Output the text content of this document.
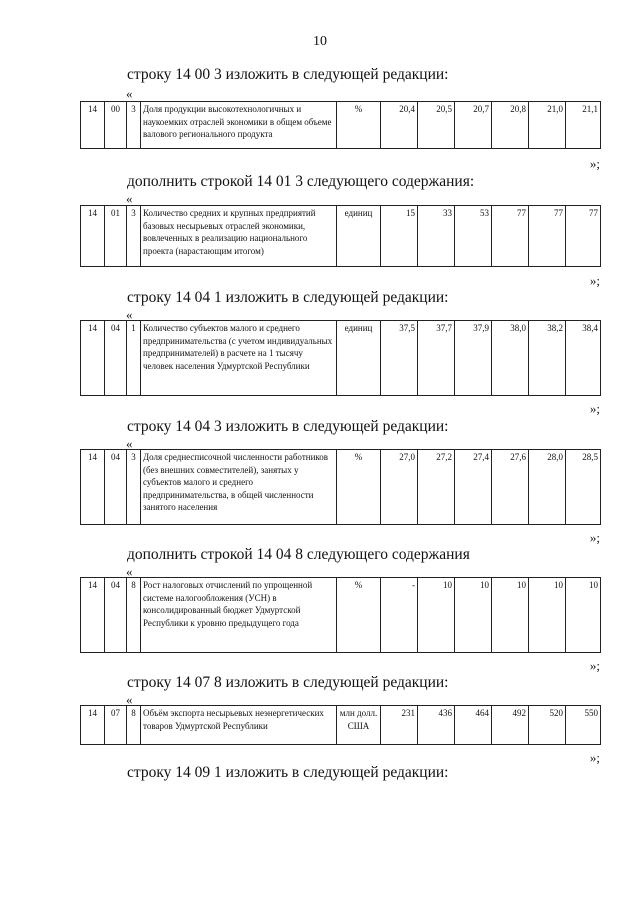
10
строку 14 00 3 изложить в следующей редакции:
«
14	00	3	Доля продукции высокотехнологичных и наукоемких отраслей экономики в общем объеме валового регионального продукта	%	20,4	20,5	20,7	20,8	21,0	21,1
»;
дополнить строкой 14 01 3 следующего содержания:
«
14	01	3	Количество средних и крупных предприятий базовых несырьевых отраслей экономики, вовлеченных в реализацию национального проекта (нарастающим итогом)	единиц	15	33	53	77	77	77
»;
строку 14 04 1 изложить в следующей редакции:
«
14	04	1	Количество субъектов малого и среднего предпринимательства (с учетом индивидуальных предпринимателей) в расчете на 1 тысячу человек населения Удмуртской Республики	единиц	37,5	37,7	37,9	38,0	38,2	38,4
»;
строку 14 04 3 изложить в следующей редакции:
«
14	04	3	Доля среднесписочной численности работников (без внешних совместителей), занятых у субъектов малого и среднего предпринимательства, в общей численности занятого населения	%	27,0	27,2	27,4	27,6	28,0	28,5
»;
дополнить строкой 14 04 8 следующего содержания
«
14	04	8	Рост налоговых отчислений по упрощенной системе налогообложения (УСН) в консолидированный бюджет Удмуртской Республики к уровню предыдущего года	%	-	10	10	10	10	10
»;
строку 14 07 8 изложить в следующей редакции:
«
14	07	8	Объём экспорта несырьевых неэнергетических товаров Удмуртской Республики	млн долл. США	231	436	464	492	520	550
»;
строку 14 09 1 изложить в следующей редакции:
